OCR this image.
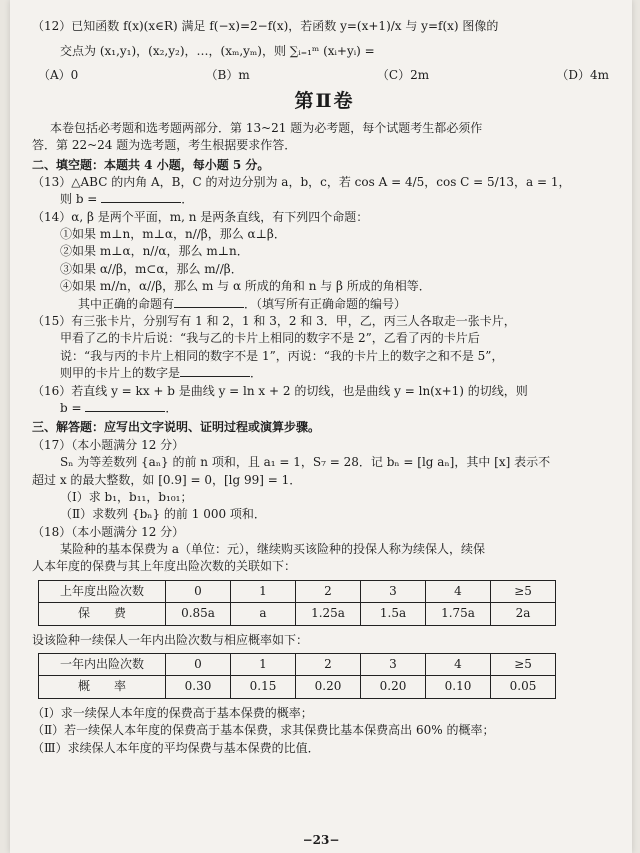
（12）已知函数 f(x)(x∈R) 满足 f(−x)=2−f(x)，若函数 y=(x+1)/x 与 y=f(x) 图像的

交点为 (x₁,y₁)，(x₂,y₂)，…，(xₘ,yₘ)，则 ∑ᵢ₌₁ᵐ (xᵢ+yᵢ) =

（A）0	（B）m	（C）2m	（D）4m
第Ⅱ卷

本卷包括必考题和选考题两部分．第 13~21 题为必考题，每个试题考生都必须作

答．第 22~24 题为选考题，考生根据要求作答．

二、填空题：本题共 4 小题，每小题 5 分。

（13）△ABC 的内角 A，B，C 的对边分别为 a，b，c，若 cos A = 4/5，cos C = 5/13，a = 1，

则 b =	．

（14）α, β 是两个平面，m, n 是两条直线，有下列四个命题：

①如果 m⊥n，m⊥α，n//β，那么 α⊥β．

②如果 m⊥α，n//α，那么 m⊥n．

③如果 α//β，m⊂α，那么 m//β．

④如果 m//n，α//β，那么 m 与 α 所成的角和 n 与 β 所成的角相等．

其中正确的命题有	．（填写所有正确命题的编号）

（15）有三张卡片，分别写有 1 和 2，1 和 3，2 和 3．甲，乙，丙三人各取走一张卡片，

甲看了乙的卡片后说：“我与乙的卡片上相同的数字不是 2”，乙看了丙的卡片后

说：“我与丙的卡片上相同的数字不是 1”，丙说：“我的卡片上的数字之和不是 5”，

则甲的卡片上的数字是	．

（16）若直线 y = kx + b 是曲线 y = ln x + 2 的切线，也是曲线 y = ln(x+1) 的切线，则

b =	．

三、解答题：应写出文字说明、证明过程或演算步骤。

（17）（本小题满分 12 分）

Sₙ 为等差数列 {aₙ} 的前 n 项和，且 a₁ = 1，S₇ = 28．记 bₙ = [lg aₙ]，其中 [x] 表示不

超过 x 的最大整数，如 [0.9] = 0，[lg 99] = 1．

（Ⅰ）求 b₁，b₁₁，b₁₀₁；

（Ⅱ）求数列 {bₙ} 的前 1 000 项和．

（18）（本小题满分 12 分）

某险种的基本保费为 a（单位：元），继续购买该险种的投保人称为续保人，续保

人本年度的保费与其上年度出险次数的关联如下：

上年度出险次数	0	1	2	3	4	≥5
保　　费	0.85a	a	1.25a	1.5a	1.75a	2a

设该险种一续保人一年内出险次数与相应概率如下：

一年内出险次数	0	1	2	3	4	≥5
概　　率	0.30	0.15	0.20	0.20	0.10	0.05

（Ⅰ）求一续保人本年度的保费高于基本保费的概率；

（Ⅱ）若一续保人本年度的保费高于基本保费，求其保费比基本保费高出 60% 的概率；

（Ⅲ）求续保人本年度的平均保费与基本保费的比值．

−23−
